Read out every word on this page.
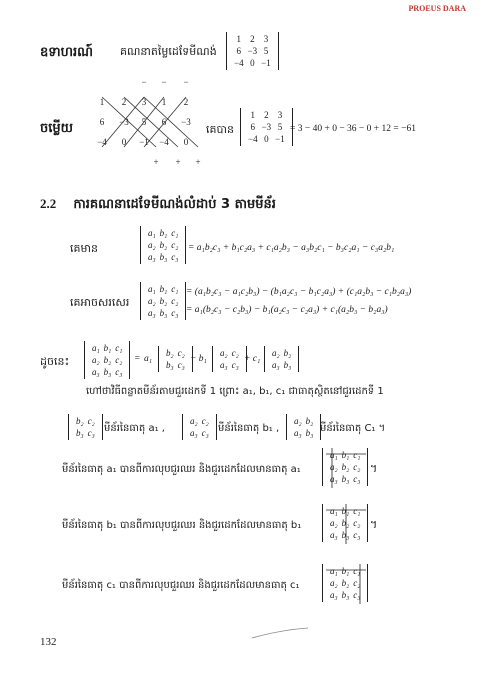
PROEUS DARA
ឧទាហរណ៍ គណនាតម្លៃដេទែមីណង់
1	2	3
6	−3	5
−4	0	−1
ចម្លើយ
1 2 3 1 2
6 −3 5 6 −3
−4 0 −1 −4 0
− − −
+ + +
គេបាន
1	2	3
6	−3	5
−4	0	−1
= 3 − 40 + 0 − 36 − 0 + 12 = −61
2.2 ការគណនាដេទែមីណង់លំដាប់ 3 តាមមីន័រ
គេមាន
a₁	b₁	c₁
a₂	b₂	c₂
a₃	b₃	c₃
= a₁b₂c₃ + b₁c₂a₃ + c₁a₂b₃ − a₃b₂c₁ − b₃c₂a₁ − c₃a₂b₁
គេអាចសរសេរ
a₁	b₁	c₁
a₂	b₂	c₂
a₃	b₃	c₃
= (a₁b₂c₃ − a₁c₂b₃) − (b₁a₂c₃ − b₁c₂a₃) + (c₁a₂b₃ − c₁b₂a₃)
= a₁(b₂c₃ − c₂b₃) − b₁(a₂c₃ − c₂a₃) + c₁(a₂b₃ − b₂a₃)
ដូចនេះ
a₁	b₁	c₁
a₂	b₂	c₂
a₃	b₃	c₃
= a₁
b₂	c₂
b₃	c₃
− b₁
a₂	c₂
a₃	c₃
+ c₁
a₂	b₂
a₃	b₃
ហៅថាវិធីពន្លាតមីន័រតាមជួរដេកទី 1 ព្រោះ a₁, b₁, c₁ ជាធាតុស្ថិតនៅជួរដេកទី 1
b₂	c₂
b₃	c₃ មីន័រនៃធាតុ a₁ ,
a₂	c₂
a₃	c₃ មីន័រនៃធាតុ b₁ ,
a₂	b₂
a₃	b₃ មីន័រនៃធាតុ C₁ ។
មីន័រនៃធាតុ a₁ បានពីការលុបជួរឈរ និងជួរដេកដែលមានធាតុ a₁
a₁	b₁	c₁
a₂	b₂	c₂
a₃	b₃	c₃
។
មីន័រនៃធាតុ b₁ បានពីការលុបជួរឈរ និងជួរដេកដែលមានធាតុ b₁
a₁	b₁	c₁
a₂	b₂	c₂
a₃	b₃	c₃
។
មីន័រនៃធាតុ c₁ បានពីការលុបជួរឈរ និងជួរដេកដែលមានធាតុ c₁
a₁	b₁	c₁
a₂	b₂	c₂
a₃	b₃	c₃
132
